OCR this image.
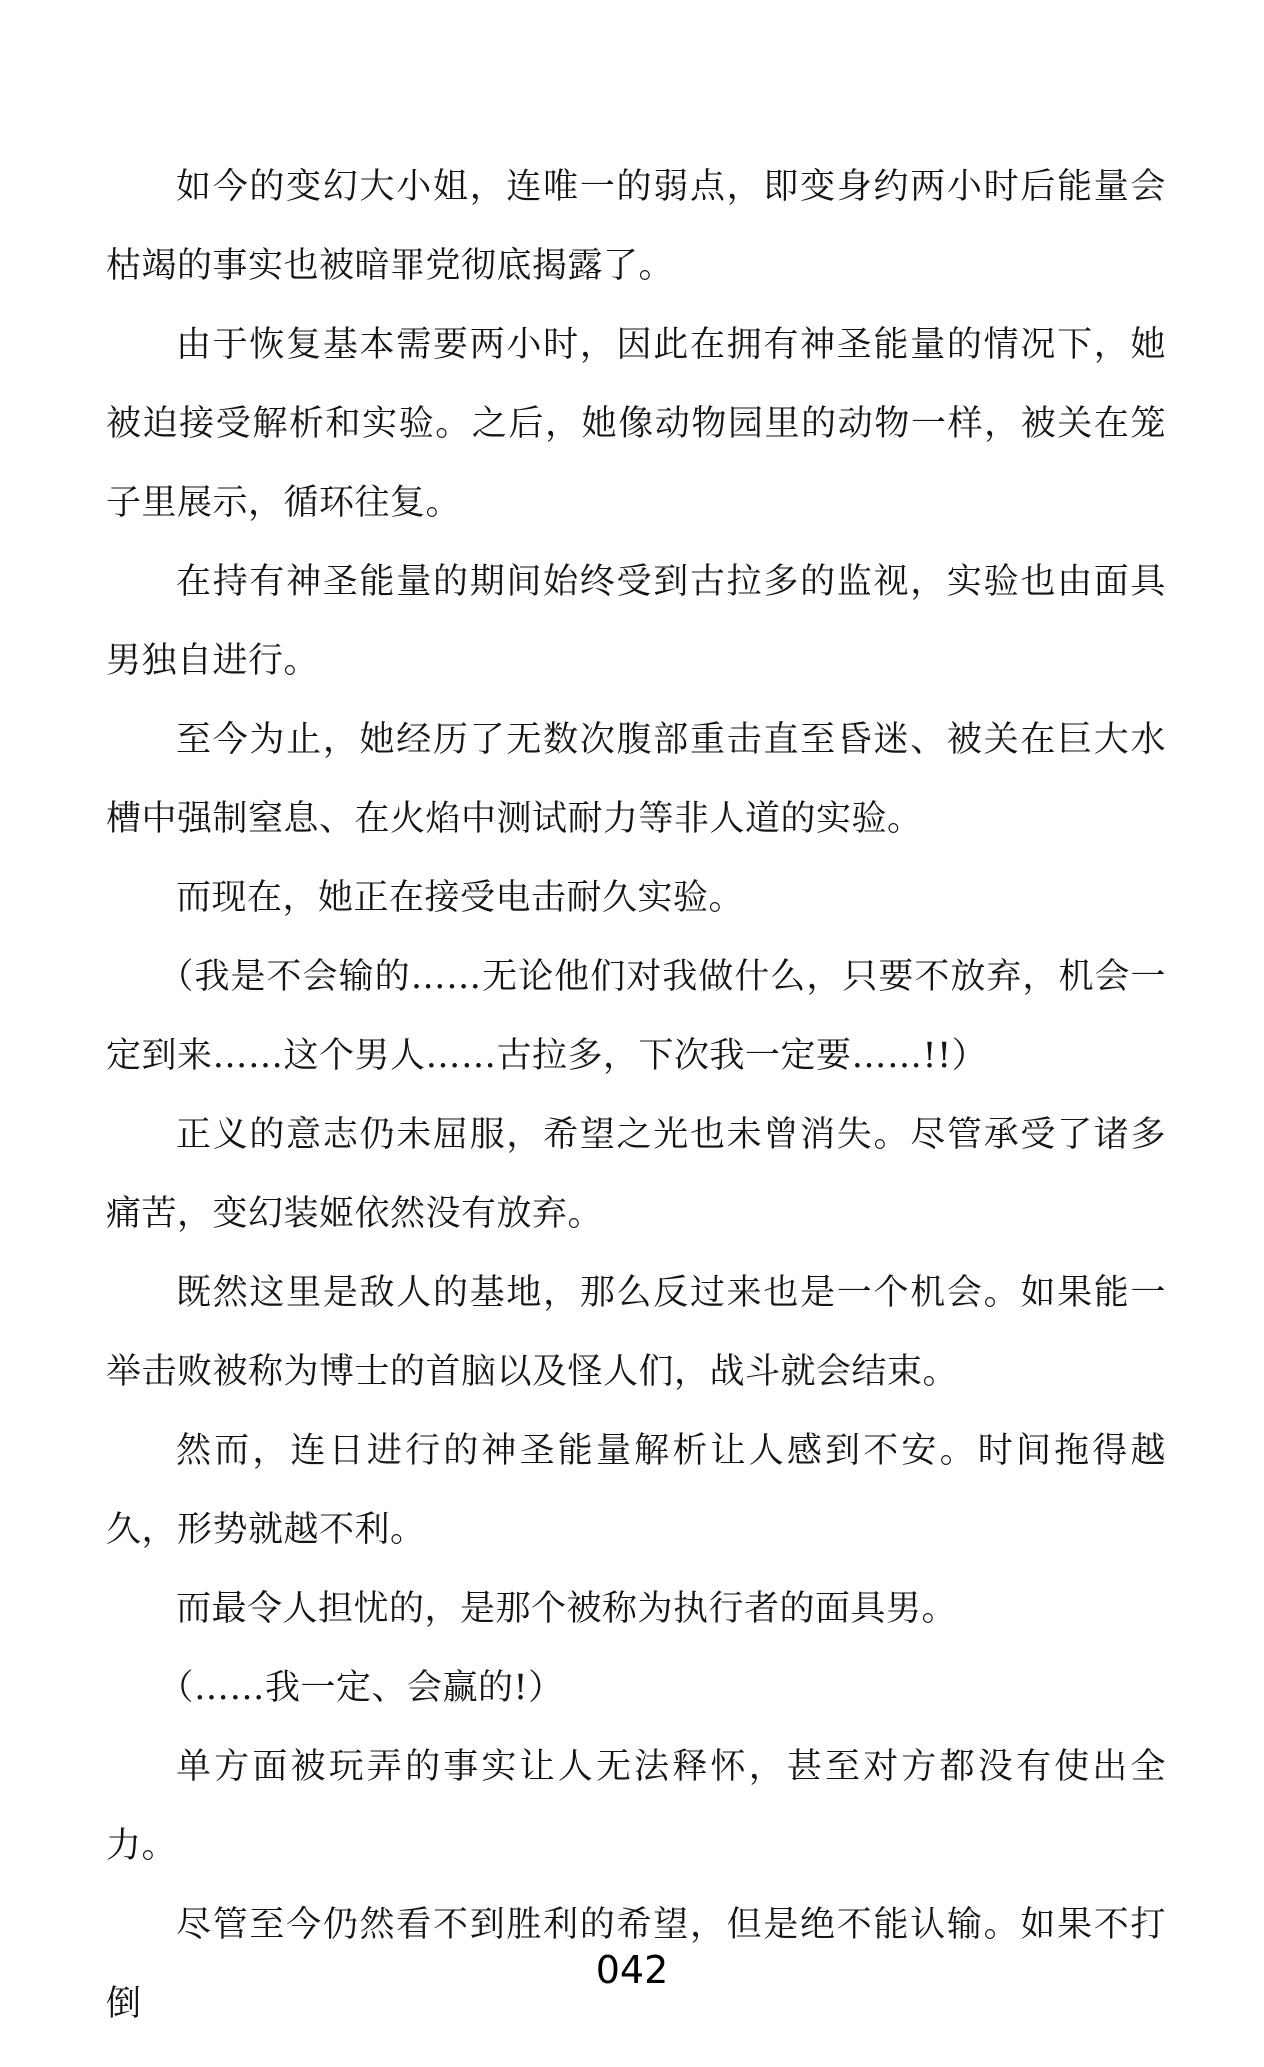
如今的变幻大小姐，连唯一的弱点，即变身约两小时后能量会枯竭的事实也被暗罪党彻底揭露了。

由于恢复基本需要两小时，因此在拥有神圣能量的情况下，她被迫接受解析和实验。之后，她像动物园里的动物一样，被关在笼子里展示，循环往复。

在持有神圣能量的期间始终受到古拉多的监视，实验也由面具男独自进行。

至今为止，她经历了无数次腹部重击直至昏迷、被关在巨大水槽中强制窒息、在火焰中测试耐力等非人道的实验。

而现在，她正在接受电击耐久实验。

（我是不会输的……无论他们对我做什么，只要不放弃，机会一定到来……这个男人……古拉多，下次我一定要……!!）

正义的意志仍未屈服，希望之光也未曾消失。尽管承受了诸多痛苦，变幻装姬依然没有放弃。

既然这里是敌人的基地，那么反过来也是一个机会。如果能一举击败被称为博士的首脑以及怪人们，战斗就会结束。

然而，连日进行的神圣能量解析让人感到不安。时间拖得越久，形势就越不利。

而最令人担忧的，是那个被称为执行者的面具男。

（……我一定、会赢的!）

单方面被玩弄的事实让人无法释怀，甚至对方都没有使出全力。

尽管至今仍然看不到胜利的希望，但是绝不能认输。如果不打倒

042
